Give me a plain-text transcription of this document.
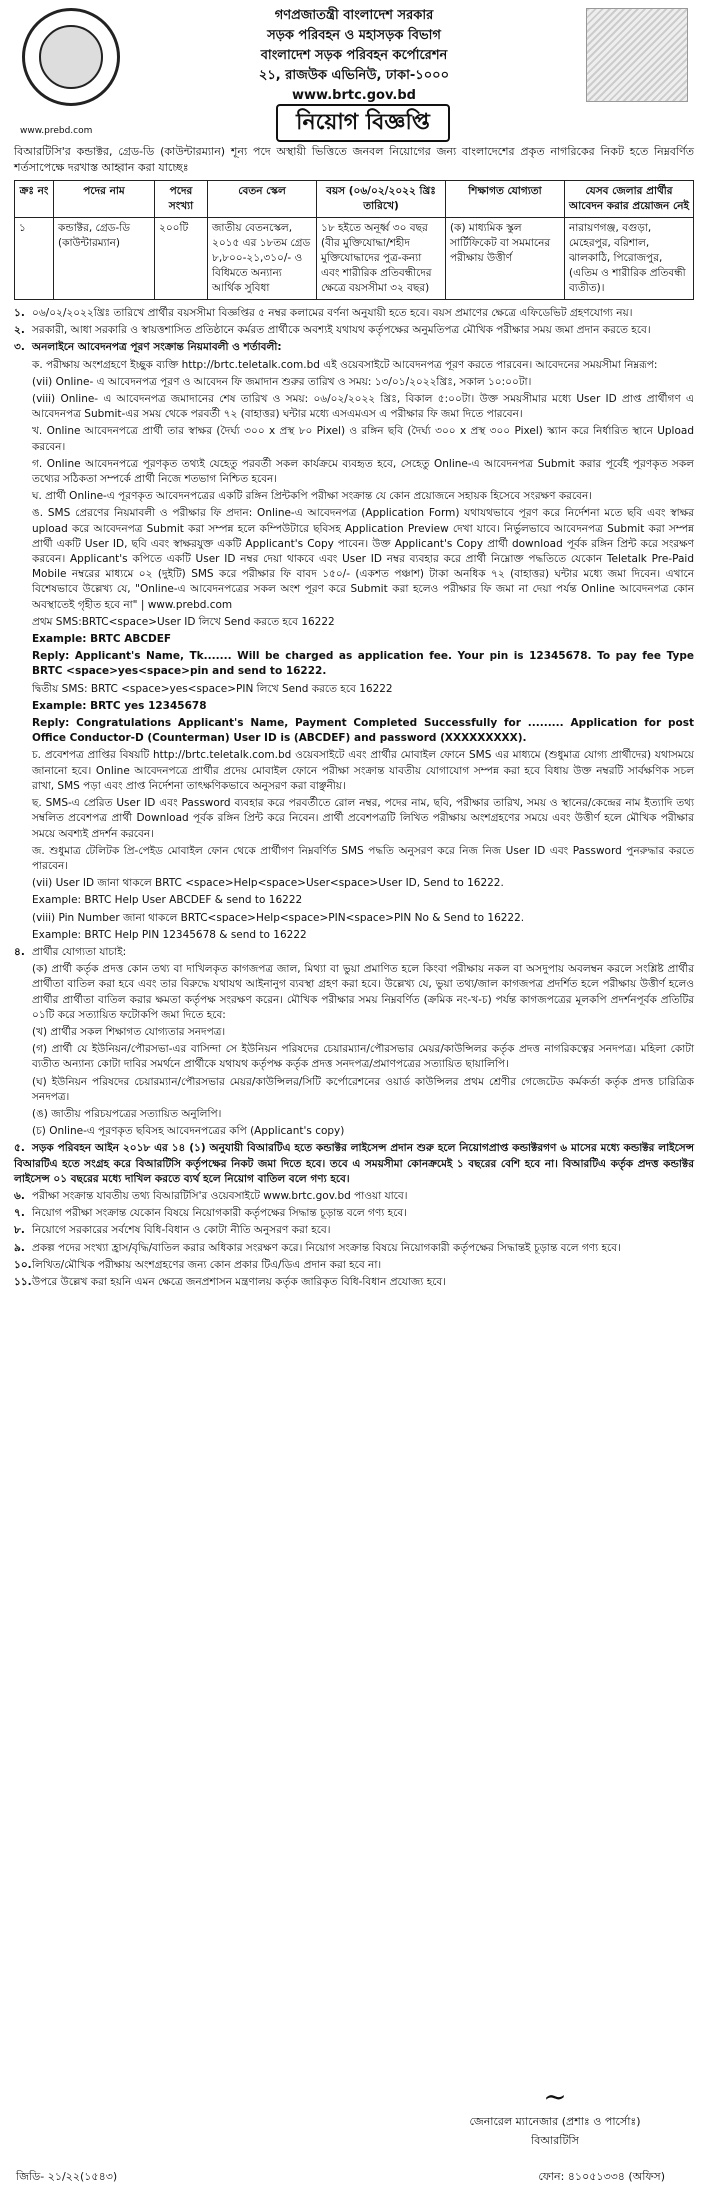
গণপ্রজাতন্ত্রী বাংলাদেশ সরকার
সড়ক পরিবহন ও মহাসড়ক বিভাগ
বাংলাদেশ সড়ক পরিবহন কর্পোরেশন
২১, রাজউক এভিনিউ, ঢাকা-১০০০
www.brtc.gov.bd
www.prebd.com	নিয়োগ বিজ্ঞপ্তি
বিআরটিসি'র কন্ডাক্টর, গ্রেড-ডি (কাউন্টারম্যান) শূন্য পদে অস্থায়ী ভিত্তিতে জনবল নিয়োগের জন্য বাংলাদেশের প্রকৃত নাগরিকের নিকট হতে নিম্নবর্ণিত শর্তসাপেক্ষে দরখাস্ত আহ্বান করা যাচ্ছেঃ
ক্রঃ নং	পদের নাম	পদের সংখ্যা	বেতন স্কেল	বয়স (০৬/০২/২০২২ খ্রিঃ তারিখে)	শিক্ষাগত যোগ্যতা	যেসব জেলার প্রার্থীর আবেদন করার প্রয়োজন নেই
১	কন্ডাক্টর, গ্রেড-ডি (কাউন্টারম্যান)	২০০টি	জাতীয় বেতনস্কেল, ২০১৫ এর ১৮তম গ্রেড ৮,৮০০-২১,৩১০/- ও বিধিমতে অন্যান্য আর্থিক সুবিধা	১৮ হইতে অনূর্ধ্ব ৩০ বছর (বীর মুক্তিযোদ্ধা/শহীদ মুক্তিযোদ্ধাদের পুত্র-কন্যা এবং শারীরিক প্রতিবন্ধীদের ক্ষেত্রে বয়সসীমা ৩২ বছর)	(ক) মাধ্যমিক স্কুল সার্টিফিকেট বা সমমানের পরীক্ষায় উত্তীর্ণ	নারায়ণগঞ্জ, বগুড়া, মেহেরপুর, বরিশাল, ঝালকাঠি, পিরোজপুর, (এতিম ও শারীরিক প্রতিবন্ধী ব্যতীত)।

১. ০৬/০২/২০২২খ্রিঃ তারিখে প্রার্থীর বয়সসীমা বিজ্ঞপ্তির ৫ নম্বর কলামের বর্ণনা অনুযায়ী হতে হবে। বয়স প্রমাণের ক্ষেত্রে এফিডেভিট গ্রহণযোগ্য নয়।

২. সরকারী, আধা সরকারি ও স্বায়ত্তশাসিত প্রতিষ্ঠানে কর্মরত প্রার্থীকে অবশ্যই যথাযথ কর্তৃপক্ষের অনুমতিপত্র মৌখিক পরীক্ষার সময় জমা প্রদান করতে হবে।

৩. অনলাইনে আবেদনপত্র পূরণ সংক্রান্ত নিয়মাবলী ও শর্তাবলী:

ক. পরীক্ষায় অংশগ্রহণে ইচ্ছুক ব্যক্তি http://brtc.teletalk.com.bd এই ওয়েবসাইটে আবেদনপত্র পূরণ করতে পারবেন। আবেদনের সময়সীমা নিম্নরূপ:

(vii) Online- এ আবেদনপত্র পূরণ ও আবেদন ফি জমাদান শুরুর তারিখ ও সময়: ১৩/০১/২০২২খ্রিঃ, সকাল ১০:০০টা।

(viii) Online- এ আবেদনপত্র জমাদানের শেষ তারিখ ও সময়: ০৬/০২/২০২২ খ্রিঃ, বিকাল ৫:০০টা। উক্ত সময়সীমার মধ্যে User ID প্রাপ্ত প্রার্থীগণ এ আবেদনপত্র Submit-এর সময় থেকে পরবর্তী ৭২ (বাহাত্তর) ঘন্টার মধ্যে এসএমএস এ পরীক্ষার ফি জমা দিতে পারবেন।

খ. Online আবেদনপত্রে প্রার্থী তার স্বাক্ষর (দৈর্ঘ্য ৩০০ x প্রস্থ ৮০ Pixel) ও রঙ্গিন ছবি (দৈর্ঘ্য ৩০০ x প্রস্থ ৩০০ Pixel) স্ক্যান করে নির্ধারিত স্থানে Upload করবেন।

গ. Online আবেদনপত্রে পূরণকৃত তথ্যই যেহেতু পরবর্তী সকল কার্যক্রমে ব্যবহৃত হবে, সেহেতু Online-এ আবেদনপত্র Submit করার পূর্বেই পূরণকৃত সকল তথ্যের সঠিকতা সম্পর্কে প্রার্থী নিজে শতভাগ নিশ্চিত হবেন।

ঘ. প্রার্থী Online-এ পূরণকৃত আবেদনপত্রের একটি রঙ্গিন প্রিন্টকপি পরীক্ষা সংক্রান্ত যে কোন প্রয়োজনে সহায়ক হিসেবে সংরক্ষণ করবেন।

ঙ. SMS প্রেরণের নিয়মাবলী ও পরীক্ষার ফি প্রদান: Online-এ আবেদনপত্র (Application Form) যথাযথভাবে পূরণ করে নির্দেশনা মতে ছবি এবং স্বাক্ষর upload করে আবেদনপত্র Submit করা সম্পন্ন হলে কম্পিউটারে ছবিসহ Application Preview দেখা যাবে। নির্ভুলভাবে আবেদনপত্র Submit করা সম্পন্ন প্রার্থী একটি User ID, ছবি এবং স্বাক্ষরযুক্ত একটি Applicant's Copy পাবেন। উক্ত Applicant's Copy প্রার্থী download পূর্বক রঙ্গিন প্রিন্ট করে সংরক্ষণ করবেন। Applicant's কপিতে একটি User ID নম্বর দেয়া থাকবে এবং User ID নম্বর ব্যবহার করে প্রার্থী নিম্নোক্ত পদ্ধতিতে যেকোন Teletalk Pre-Paid Mobile নম্বরের মাধ্যমে ০২ (দুইটি) SMS করে পরীক্ষার ফি বাবদ ১৫০/- (একশত পঞ্চাশ) টাকা অনধিক ৭২ (বাহাত্তর) ঘন্টার মধ্যে জমা দিবেন। এখানে বিশেষভাবে উল্লেখ্য যে, "Online-এ আবেদনপত্রের সকল অংশ পূরণ করে Submit করা হলেও পরীক্ষার ফি জমা না দেয়া পর্যন্ত Online আবেদনপত্র কোন অবস্থাতেই গৃহীত হবে না" | www.prebd.com

প্রথম SMS:BRTC<space>User ID লিখে Send করতে হবে 16222

Example: BRTC ABCDEF

Reply: Applicant's Name, Tk....... Will be charged as application fee. Your pin is 12345678. To pay fee Type BRTC <space>yes<space>pin and send to 16222.

দ্বিতীয় SMS: BRTC <space>yes<space>PIN লিখে Send করতে হবে 16222

Example: BRTC yes 12345678

Reply: Congratulations Applicant's Name, Payment Completed Successfully for ......... Application for post Office Conductor-D (Counterman) User ID is (ABCDEF) and password (XXXXXXXXX).

চ. প্রবেশপত্র প্রাপ্তির বিষয়টি http://brtc.teletalk.com.bd ওয়েবসাইটে এবং প্রার্থীর মোবাইল ফোনে SMS এর মাধ্যমে (শুধুমাত্র যোগ্য প্রার্থীদের) যথাসময়ে জানানো হবে। Online আবেদনপত্রে প্রার্থীর প্রদেয় মোবাইল ফোনে পরীক্ষা সংক্রান্ত যাবতীয় যোগাযোগ সম্পন্ন করা হবে বিধায় উক্ত নম্বরটি সার্বক্ষণিক সচল রাখা, SMS পড়া এবং প্রাপ্ত নির্দেশনা তাৎক্ষণিকভাবে অনুসরণ করা বাঞ্ছনীয়।

ছ. SMS-এ প্রেরিত User ID এবং Password ব্যবহার করে পরবর্তীতে রোল নম্বর, পদের নাম, ছবি, পরীক্ষার তারিখ, সময় ও স্থানের/কেন্দ্রের নাম ইত্যাদি তথ্য সম্বলিত প্রবেশপত্র প্রার্থী Download পূর্বক রঙ্গিন প্রিন্ট করে নিবেন। প্রার্থী প্রবেশপত্রটি লিখিত পরীক্ষায় অংশগ্রহণের সময়ে এবং উত্তীর্ণ হলে মৌখিক পরীক্ষার সময়ে অবশ্যই প্রদর্শন করবেন।

জ. শুধুমাত্র টেলিটক প্রি-পেইড মোবাইল ফোন থেকে প্রার্থীগণ নিম্নবর্ণিত SMS পদ্ধতি অনুসরণ করে নিজ নিজ User ID এবং Password পুনরুদ্ধার করতে পারবেন।

(vii) User ID জানা থাকলে BRTC <space>Help<space>User<space>User ID, Send to 16222.

Example: BRTC Help User ABCDEF & send to 16222

(viii) Pin Number জানা থাকলে BRTC<space>Help<space>PIN<space>PIN No & Send to 16222.

Example: BRTC Help PIN 12345678 & send to 16222

৪. প্রার্থীর যোগ্যতা যাচাই:

(ক) প্রার্থী কর্তৃক প্রদত্ত কোন তথ্য বা দাখিলকৃত কাগজপত্র জাল, মিথ্যা বা ভুয়া প্রমাণিত হলে কিংবা পরীক্ষায় নকল বা অসদুপায় অবলম্বন করলে সংশ্লিষ্ট প্রার্থীর প্রার্থীতা বাতিল করা হবে এবং তার বিরুদ্ধে যথাযথ আইনানুগ ব্যবস্থা গ্রহণ করা হবে। উল্লেখ্য যে, ভুয়া তথ্য/জাল কাগজপত্র প্রদর্শিত হলে পরীক্ষায় উত্তীর্ণ হলেও প্রার্থীর প্রার্থীতা বাতিল করার ক্ষমতা কর্তৃপক্ষ সংরক্ষণ করেন। মৌখিক পরীক্ষার সময় নিম্নবর্ণিত (ক্রমিক নং-খ-চ) পর্যন্ত কাগজপত্রের মূলকপি প্রদর্শনপূর্বক প্রতিটির ০১টি করে সত্যায়িত ফটোকপি জমা দিতে হবে:

(খ) প্রার্থীর সকল শিক্ষাগত যোগ্যতার সনদপত্র।

(গ) প্রার্থী যে ইউনিয়ন/পৌরসভা-এর বাসিন্দা সে ইউনিয়ন পরিষদের চেয়ারম্যান/পৌরসভার মেয়র/কাউন্সিলর কর্তৃক প্রদত্ত নাগরিকত্বের সনদপত্র। মহিলা কোটা ব্যতীত অন্যান্য কোটা দাবির সমর্থনে প্রার্থীকে যথাযথ কর্তৃপক্ষ কর্তৃক প্রদত্ত সনদপত্র/প্রমাণপত্রের সত্যায়িত ছায়ালিপি।

(ঘ) ইউনিয়ন পরিষদের চেয়ারম্যান/পৌরসভার মেয়র/কাউন্সিলর/সিটি কর্পোরেশনের ওয়ার্ড কাউন্সিলর প্রথম শ্রেণীর গেজেটেড কর্মকর্তা কর্তৃক প্রদত্ত চারিত্রিক সনদপত্র।

(ঙ) জাতীয় পরিচয়পত্রের সত্যায়িত অনুলিপি।

(চ) Online-এ পূরণকৃত ছবিসহ আবেদনপত্রের কপি (Applicant's copy)

৫. সড়ক পরিবহন আইন ২০১৮ এর ১৪ (১) অনুযায়ী বিআরটিএ হতে কন্ডাক্টর লাইসেন্স প্রদান শুরু হলে নিয়োগপ্রাপ্ত কন্ডাক্টরগণ ৬ মাসের মধ্যে কন্ডাক্টর লাইসেন্স বিআরটিএ হতে সংগ্রহ করে বিআরটিসি কর্তৃপক্ষের নিকট জমা দিতে হবে। তবে এ সময়সীমা কোনক্রমেই ১ বছরের বেশি হবে না। বিআরটিএ কর্তৃক প্রদত্ত কন্ডাক্টর লাইসেন্স ০১ বছরের মধ্যে দাখিল করতে ব্যর্থ হলে নিয়োগ বাতিল বলে গণ্য হবে।

৬. পরীক্ষা সংক্রান্ত যাবতীয় তথ্য বিআরটিসি'র ওয়েবসাইটে www.brtc.gov.bd পাওয়া যাবে।

৭. নিয়োগ পরীক্ষা সংক্রান্ত যেকোন বিষয়ে নিয়োগকারী কর্তৃপক্ষের সিদ্ধান্ত চূড়ান্ত বলে গণ্য হবে।

৮. নিয়োগে সরকারের সর্বশেষ বিধি-বিধান ও কোটা নীতি অনুসরণ করা হবে।

৯. প্রকল্প পদের সংখ্যা হ্রাস/বৃদ্ধি/বাতিল করার অধিকার সংরক্ষণ করে। নিয়োগ সংক্রান্ত বিষয়ে নিয়োগকারী কর্তৃপক্ষের সিদ্ধান্তই চূড়ান্ত বলে গণ্য হবে।

১০.লিখিত/মৌখিক পরীক্ষায় অংশগ্রহণের জন্য কোন প্রকার টিএ/ডিএ প্রদান করা হবে না।

১১.উপরে উল্লেখ করা হয়নি এমন ক্ষেত্রে জনপ্রশাসন মন্ত্রণালয় কর্তৃক জারিকৃত বিধি-বিধান প্রযোজ্য হবে।

~
জেনারেল ম্যানেজার (প্রশাঃ ও পার্সোঃ)
বিআরটিসি
জিডি- ২১/২২(১৫৪৩)	ফোন: ৪১০৫১৩৩৪ (অফিস)
